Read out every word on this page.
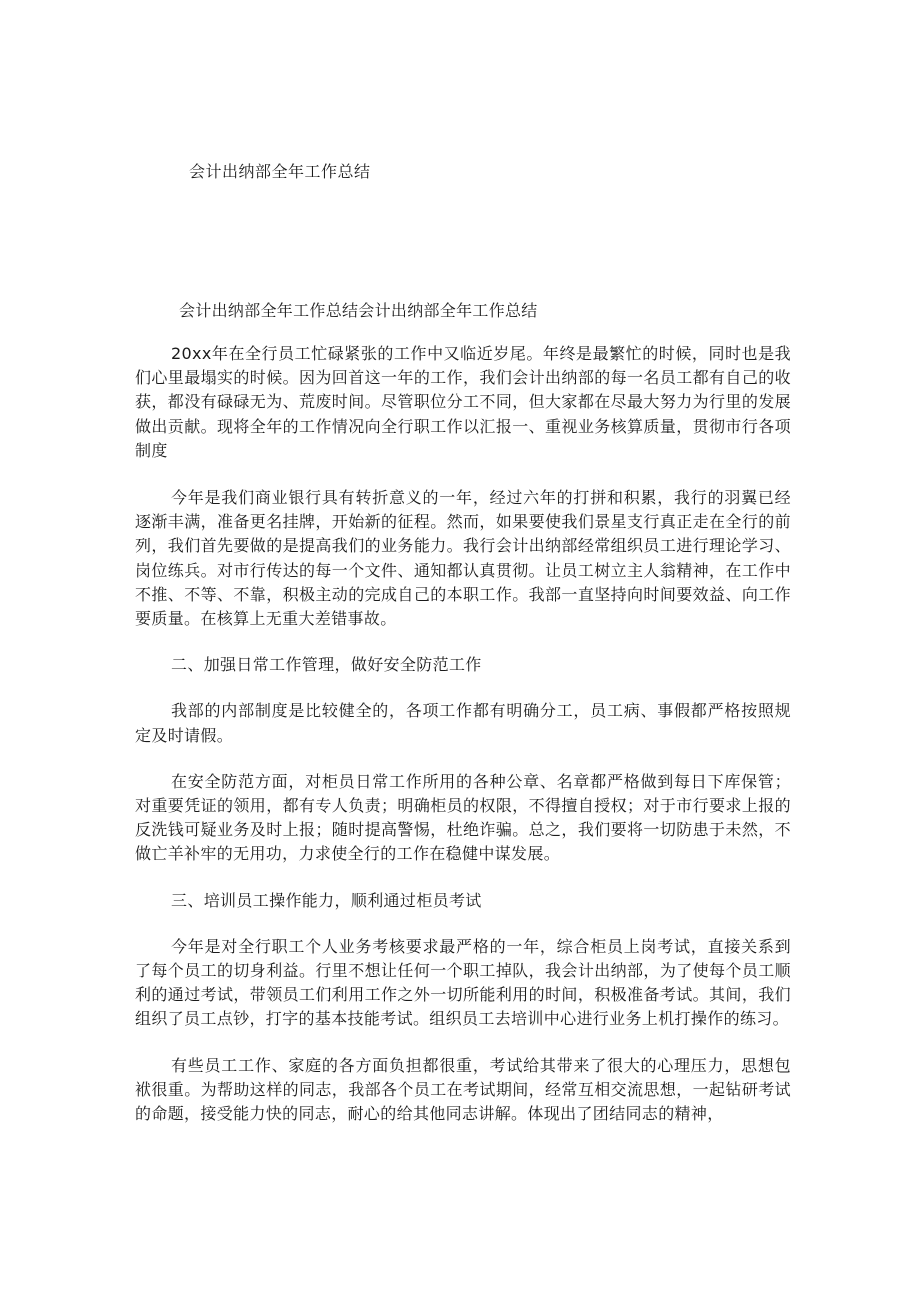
会计出纳部全年工作总结
会计出纳部全年工作总结会计出纳部全年工作总结

20xx年在全行员工忙碌紧张的工作中又临近岁尾。年终是最繁忙的时候，同时也是我们心里最塌实的时候。因为回首这一年的工作，我们会计出纳部的每一名员工都有自己的收获，都没有碌碌无为、荒废时间。尽管职位分工不同，但大家都在尽最大努力为行里的发展做出贡献。现将全年的工作情况向全行职工作以汇报一、重视业务核算质量，贯彻市行各项制度

今年是我们商业银行具有转折意义的一年，经过六年的打拼和积累，我行的羽翼已经逐渐丰满，准备更名挂牌，开始新的征程。然而，如果要使我们景星支行真正走在全行的前列，我们首先要做的是提高我们的业务能力。我行会计出纳部经常组织员工进行理论学习、岗位练兵。对市行传达的每一个文件、通知都认真贯彻。让员工树立主人翁精神，在工作中不推、不等、不靠，积极主动的完成自己的本职工作。我部一直坚持向时间要效益、向工作要质量。在核算上无重大差错事故。

二、加强日常工作管理，做好安全防范工作

我部的内部制度是比较健全的，各项工作都有明确分工，员工病、事假都严格按照规定及时请假。

在安全防范方面，对柜员日常工作所用的各种公章、名章都严格做到每日下库保管；对重要凭证的领用，都有专人负责；明确柜员的权限，不得擅自授权；对于市行要求上报的反洗钱可疑业务及时上报；随时提高警惕，杜绝诈骗。总之，我们要将一切防患于未然，不做亡羊补牢的无用功，力求使全行的工作在稳健中谋发展。

三、培训员工操作能力，顺利通过柜员考试

今年是对全行职工个人业务考核要求最严格的一年，综合柜员上岗考试，直接关系到了每个员工的切身利益。行里不想让任何一个职工掉队，我会计出纳部，为了使每个员工顺利的通过考试，带领员工们利用工作之外一切所能利用的时间，积极准备考试。其间，我们组织了员工点钞，打字的基本技能考试。组织员工去培训中心进行业务上机打操作的练习。

有些员工工作、家庭的各方面负担都很重，考试给其带来了很大的心理压力，思想包袱很重。为帮助这样的同志，我部各个员工在考试期间，经常互相交流思想，一起钻研考试的命题，接受能力快的同志，耐心的给其他同志讲解。体现出了团结同志的精神，
